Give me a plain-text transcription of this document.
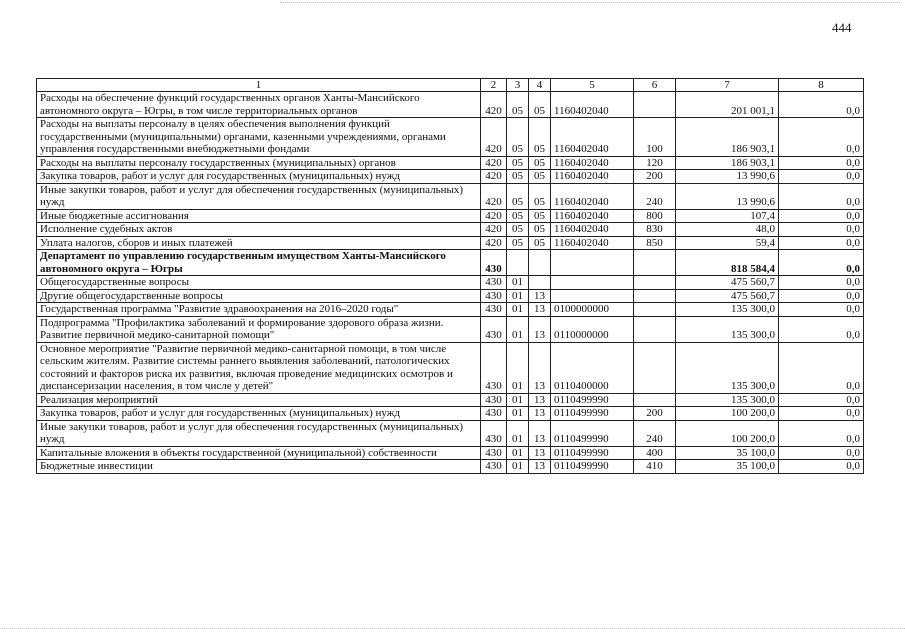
444
1	2	3	4	5	6	7	8
Расходы на обеспечение функций государственных органов Ханты-Мансийского автономного округа – Югры, в том числе территориальных органов	420	05	05	1160402040		201 001,1	0,0
Расходы на выплаты персоналу в целях обеспечения выполнения функций государственными (муниципальными) органами, казенными учреждениями, органами управления государственными внебюджетными фондами	420	05	05	1160402040	100	186 903,1	0,0
Расходы на выплаты персоналу государственных (муниципальных) органов	420	05	05	1160402040	120	186 903,1	0,0
Закупка товаров, работ и услуг для государственных (муниципальных) нужд	420	05	05	1160402040	200	13 990,6	0,0
Иные закупки товаров, работ и услуг для обеспечения государственных (муниципальных) нужд	420	05	05	1160402040	240	13 990,6	0,0
Иные бюджетные ассигнования	420	05	05	1160402040	800	107,4	0,0
Исполнение судебных актов	420	05	05	1160402040	830	48,0	0,0
Уплата налогов, сборов и иных платежей	420	05	05	1160402040	850	59,4	0,0
Департамент по управлению государственным имуществом Ханты-Мансийского автономного округа – Югры	430					818 584,4	0,0
Общегосударственные вопросы	430	01				475 560,7	0,0
Другие общегосударственные вопросы	430	01	13			475 560,7	0,0
Государственная программа "Развитие здравоохранения на 2016–2020 годы"	430	01	13	0100000000		135 300,0	0,0
Подпрограмма "Профилактика заболеваний и формирование здорового образа жизни. Развитие первичной медико-санитарной помощи"	430	01	13	0110000000		135 300,0	0,0
Основное мероприятие "Развитие первичной медико-санитарной помощи, в том числе сельским жителям. Развитие системы раннего выявления заболеваний, патологических состояний и факторов риска их развития, включая проведение медицинских осмотров и диспансеризации населения, в том числе у детей"	430	01	13	0110400000		135 300,0	0,0
Реализация мероприятий	430	01	13	0110499990		135 300,0	0,0
Закупка товаров, работ и услуг для государственных (муниципальных) нужд	430	01	13	0110499990	200	100 200,0	0,0
Иные закупки товаров, работ и услуг для обеспечения государственных (муниципальных) нужд	430	01	13	0110499990	240	100 200,0	0,0
Капитальные вложения в объекты государственной (муниципальной) собственности	430	01	13	0110499990	400	35 100,0	0,0
Бюджетные инвестиции	430	01	13	0110499990	410	35 100,0	0,0
